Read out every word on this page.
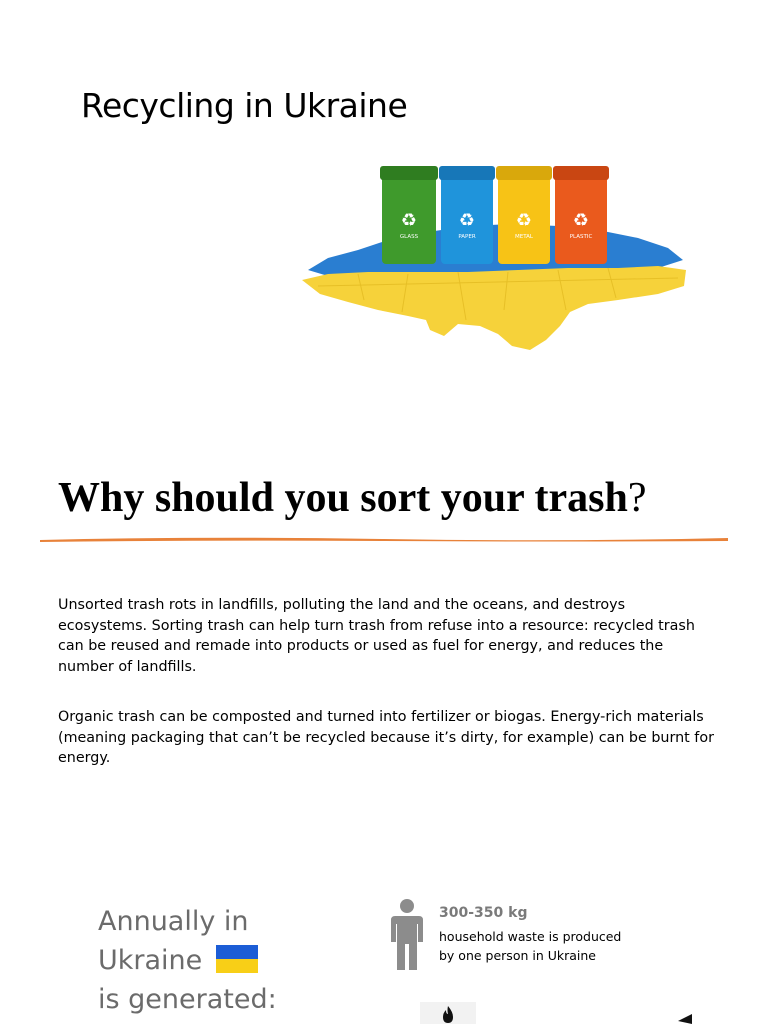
Recycling in Ukraine
♻ ♻ ♻ ♻
GLASS	PAPER	METAL	PLASTIC
Why should you sort your trash?

Unsorted trash rots in landfills, polluting the land and the oceans, and destroys ecosystems. Sorting trash can help turn trash from refuse into a resource: recycled trash can be reused and remade into products or used as fuel for energy, and reduces the number of landfills.

Organic trash can be composted and turned into fertilizer or biogas. Energy-rich materials (meaning packaging that can’t be recycled because it’s dirty, for example) can be burnt for energy.

Annually in
Ukraine
is generated:
300-350 kg
household waste is produced
by one person in Ukraine
